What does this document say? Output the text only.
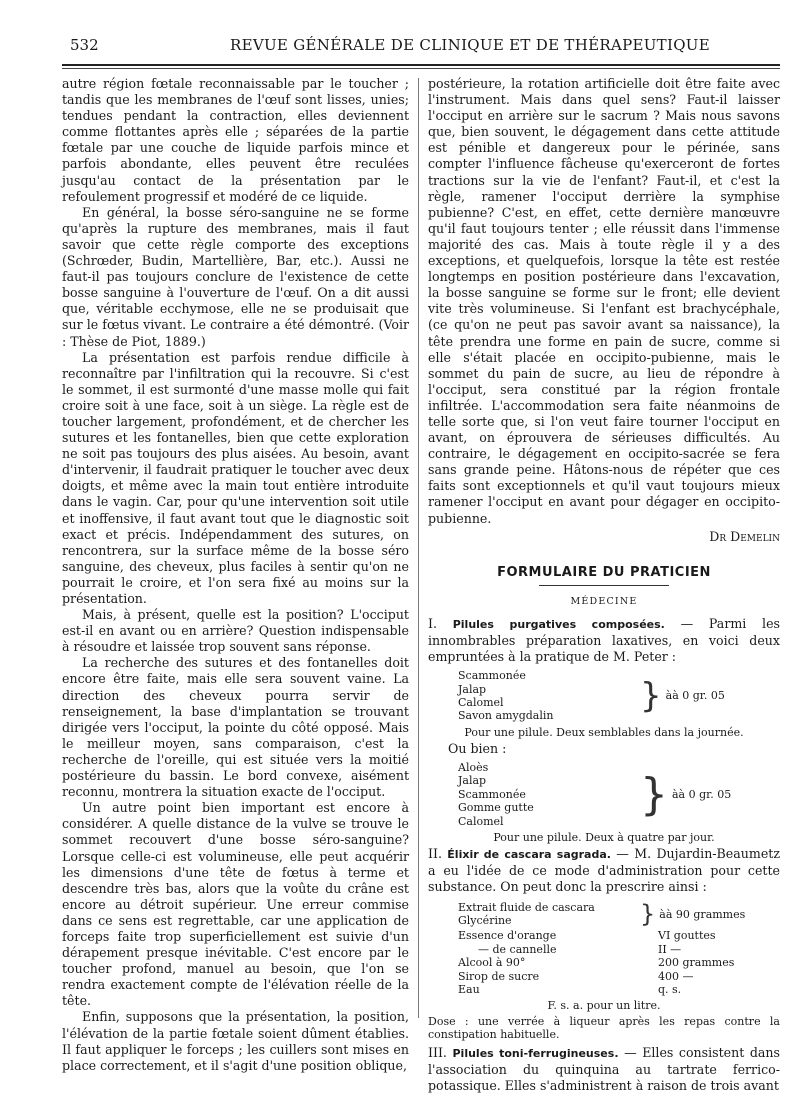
532	REVUE GÉNÉRALE DE CLINIQUE ET DE THÉRAPEUTIQUE

autre région fœtale reconnaissable par le toucher ; tandis que les membranes de l'œuf sont lisses, unies; tendues pendant la contraction, elles deviennent comme flottantes après elle ; séparées de la partie fœtale par une couche de liquide parfois mince et parfois abondante, elles peuvent être reculées jusqu'au contact de la présentation par le refoulement progressif et modéré de ce liquide.

En général, la bosse séro-sanguine ne se forme qu'après la rupture des membranes, mais il faut savoir que cette règle comporte des exceptions (Schrœder, Budin, Martellière, Bar, etc.). Aussi ne faut-il pas toujours conclure de l'existence de cette bosse sanguine à l'ouverture de l'œuf. On a dit aussi que, véritable ecchymose, elle ne se produisait que sur le fœtus vivant. Le contraire a été démontré. (Voir : Thèse de Piot, 1889.)

La présentation est parfois rendue difficile à reconnaître par l'infiltration qui la recouvre. Si c'est le sommet, il est surmonté d'une masse molle qui fait croire soit à une face, soit à un siège. La règle est de toucher largement, profondément, et de chercher les sutures et les fontanelles, bien que cette exploration ne soit pas toujours des plus aisées. Au besoin, avant d'intervenir, il faudrait pratiquer le toucher avec deux doigts, et même avec la main tout entière introduite dans le vagin. Car, pour qu'une intervention soit utile et inoffensive, il faut avant tout que le diagnostic soit exact et précis. Indépendamment des sutures, on rencontrera, sur la surface même de la bosse séro sanguine, des cheveux, plus faciles à sentir qu'on ne pourrait le croire, et l'on sera fixé au moins sur la présentation.

Mais, à présent, quelle est la position? L'occiput est-il en avant ou en arrière? Question indispensable à résoudre et laissée trop souvent sans réponse.

La recherche des sutures et des fontanelles doit encore être faite, mais elle sera souvent vaine. La direction des cheveux pourra servir de renseignement, la base d'implantation se trouvant dirigée vers l'occiput, la pointe du côté opposé. Mais le meilleur moyen, sans comparaison, c'est la recherche de l'oreille, qui est située vers la moitié postérieure du bassin. Le bord convexe, aisément reconnu, montrera la situation exacte de l'occiput.

Un autre point bien important est encore à considérer. A quelle distance de la vulve se trouve le sommet recouvert d'une bosse séro-sanguine? Lorsque celle-ci est volumineuse, elle peut acquérir les dimensions d'une tête de fœtus à terme et descendre très bas, alors que la voûte du crâne est encore au détroit supérieur. Une erreur commise dans ce sens est regrettable, car une application de forceps faite trop superficiellement est suivie d'un dérapement presque inévitable. C'est encore par le toucher profond, manuel au besoin, que l'on se rendra exactement compte de l'élévation réelle de la tête.

Enfin, supposons que la présentation, la position, l'élévation de la partie fœtale soient dûment établies. Il faut appliquer le forceps ; les cuillers sont mises en place correctement, et il s'agit d'une position oblique,

postérieure, la rotation artificielle doit être faite avec l'instrument. Mais dans quel sens? Faut-il laisser l'occiput en arrière sur le sacrum ? Mais nous savons que, bien souvent, le dégagement dans cette attitude est pénible et dangereux pour le périnée, sans compter l'influence fâcheuse qu'exerceront de fortes tractions sur la vie de l'enfant? Faut-il, et c'est la règle, ramener l'occiput derrière la symphise pubienne? C'est, en effet, cette dernière manœuvre qu'il faut toujours tenter ; elle réussit dans l'immense majorité des cas. Mais à toute règle il y a des exceptions, et quelquefois, lorsque la tête est restée longtemps en position postérieure dans l'excavation, la bosse sanguine se forme sur le front; elle devient vite très volumineuse. Si l'enfant est brachycéphale, (ce qu'on ne peut pas savoir avant sa naissance), la tête prendra une forme en pain de sucre, comme si elle s'était placée en occipito-pubienne, mais le sommet du pain de sucre, au lieu de répondre à l'occiput, sera constitué par la région frontale infiltrée. L'accommodation sera faite néanmoins de telle sorte que, si l'on veut faire tourner l'occiput en avant, on éprouvera de sérieuses difficultés. Au contraire, le dégagement en occipito-sacrée se fera sans grande peine. Hâtons-nous de répéter que ces faits sont exceptionnels et qu'il vaut toujours mieux ramener l'occiput en avant pour dégager en occipito-pubienne.

Dr Demelin

FORMULAIRE DU PRATICIEN
MÉDECINE

I. Pilules purgatives composées. — Parmi les innombrables préparation laxatives, en voici deux empruntées à la pratique de M. Peter :

Scammonée
Jalap
Calomel
Savon amygdalin	} àà 0 gr. 05

Pour une pilule. Deux semblables dans la journée.

Ou bien :

Aloès
Jalap
Scammonée
Gomme gutte
Calomel
} àà 0 gr. 05

Pour une pilule. Deux à quatre par jour.

II. Élixir de cascara sagrada. — M. Dujardin-Beaumetz a eu l'idée de ce mode d'administration pour cette substance. On peut donc la prescrire ainsi :

Extrait fluide de cascara
Glycérine	} àà 90 grammes
Essence d'orange	VI gouttes
— de cannelle	II —
Alcool à 90°	200 grammes
Sirop de sucre	400 —
Eau	q. s.

F. s. a. pour un litre.

Dose : une verrée à liqueur après les repas contre la constipation habituelle.

III. Pilules toni-ferrugineuses. — Elles consistent dans l'association du quinquina au tartrate ferrico-potassique. Elles s'administrent à raison de trois avant
